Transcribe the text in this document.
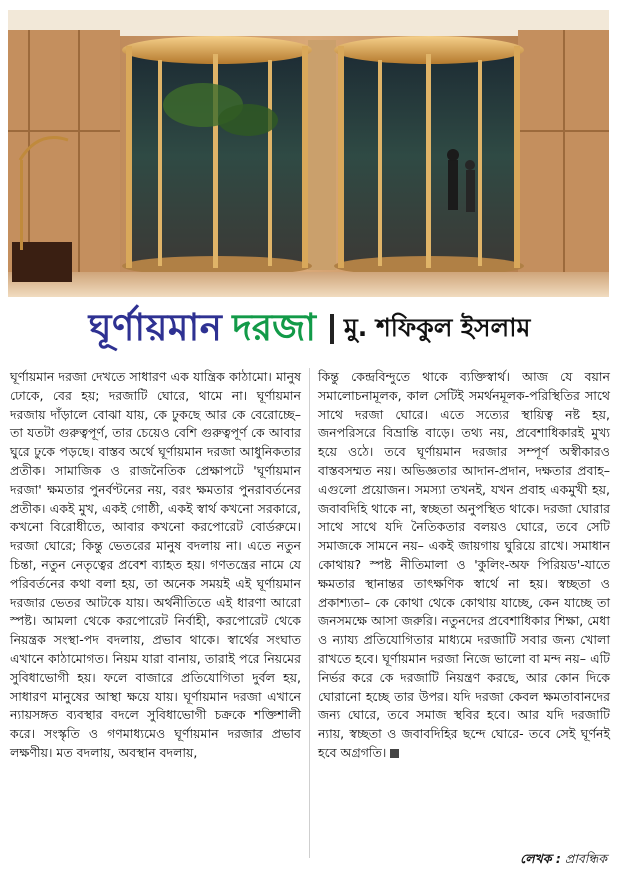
ঘূর্ণায়মান দরজা মু. শফিকুল ইসলাম
ঘূর্ণায়মান দরজা দেখতে সাধারণ এক যান্ত্রিক কাঠামো। মানুষ ঢোকে, বের হয়; দরজাটি ঘোরে, থামে না। ঘূর্ণায়মান দরজায় দাঁড়ালে বোঝা যায়, কে ঢুকছে আর কে বেরোচ্ছে– তা যতটা গুরুত্বপূর্ণ, তার চেয়েও বেশি গুরুত্বপূর্ণ কে আবার ঘুরে ঢুকে পড়ছে। বাস্তব অর্থে ঘূর্ণায়মান দরজা আধুনিকতার প্রতীক। সামাজিক ও রাজনৈতিক প্রেক্ষাপটে 'ঘূর্ণায়মান দরজা' ক্ষমতার পুনর্বণ্টনের নয়, বরং ক্ষমতার পুনরাবর্তনের প্রতীক। একই মুখ, একই গোষ্ঠী, একই স্বার্থ কখনো সরকারে, কখনো বিরোধীতে, আবার কখনো করপোরেট বোর্ডরুমে। দরজা ঘোরে; কিন্তু ভেতরের মানুষ বদলায় না। এতে নতুন চিন্তা, নতুন নেতৃত্বের প্রবেশ ব্যাহত হয়। গণতন্ত্রের নামে যে পরিবর্তনের কথা বলা হয়, তা অনেক সময়ই এই ঘূর্ণায়মান দরজার ভেতর আটকে যায়। অর্থনীতিতে এই ধারণা আরো স্পষ্ট। আমলা থেকে করপোরেট নির্বাহী, করপোরেট থেকে নিয়ন্ত্রক সংস্থা-পদ বদলায়, প্রভাব থাকে। স্বার্থের সংঘাত এখানে কাঠামোগত। নিয়ম যারা বানায়, তারাই পরে নিয়মের সুবিধাভোগী হয়। ফলে বাজারে প্রতিযোগিতা দুর্বল হয়, সাধারণ মানুষের আস্থা ক্ষয়ে যায়। ঘূর্ণায়মান দরজা এখানে ন্যায়সঙ্গত ব্যবস্থার বদলে সুবিধাভোগী চক্রকে শক্তিশালী করে। সংস্কৃতি ও গণমাধ্যমেও ঘূর্ণায়মান দরজার প্রভাব লক্ষণীয়। মত বদলায়, অবস্থান বদলায়,
কিন্তু কেন্দ্রবিন্দুতে থাকে ব্যক্তিস্বার্থ। আজ যে বয়ান সমালোচনামূলক, কাল সেটিই সমর্থনমূলক-পরিস্থিতির সাথে সাথে দরজা ঘোরে। এতে সত্যের স্থায়িত্ব নষ্ট হয়, জনপরিসরে বিভ্রান্তি বাড়ে। তথ্য নয়, প্রবেশাধিকারই মুখ্য হয়ে ওঠে। তবে ঘূর্ণায়মান দরজার সম্পূর্ণ অস্বীকারও বাস্তবসম্মত নয়। অভিজ্ঞতার আদান-প্রদান, দক্ষতার প্রবাহ– এগুলো প্রয়োজন। সমস্যা তখনই, যখন প্রবাহ একমুখী হয়, জবাবদিহি থাকে না, স্বচ্ছতা অনুপস্থিত থাকে। দরজা ঘোরার সাথে সাথে যদি নৈতিকতার বলয়ও ঘোরে, তবে সেটি সমাজকে সামনে নয়– একই জায়গায় ঘুরিয়ে রাখে। সমাধান কোথায়? স্পষ্ট নীতিমালা ও 'কুলিং-অফ পিরিয়ড'-যাতে ক্ষমতার স্থানান্তর তাৎক্ষণিক স্বার্থে না হয়। স্বচ্ছতা ও প্রকাশ্যতা– কে কোথা থেকে কোথায় যাচ্ছে, কেন যাচ্ছে তা জনসমক্ষে আসা জরুরি। নতুনদের প্রবেশাধিকার শিক্ষা, মেধা ও ন্যায্য প্রতিযোগিতার মাধ্যমে দরজাটি সবার জন্য খোলা রাখতে হবে। ঘূর্ণায়মান দরজা নিজে ভালো বা মন্দ নয়– এটি নির্ভর করে কে দরজাটি নিয়ন্ত্রণ করছে, আর কোন দিকে ঘোরানো হচ্ছে তার উপর। যদি দরজা কেবল ক্ষমতাবানদের জন্য ঘোরে, তবে সমাজ স্থবির হবে। আর যদি দরজাটি ন্যায়, স্বচ্ছতা ও জবাবদিহির ছন্দে ঘোরে- তবে সেই ঘূর্ণনই হবে অগ্রগতি।
লেখক : প্রাবন্ধিক
